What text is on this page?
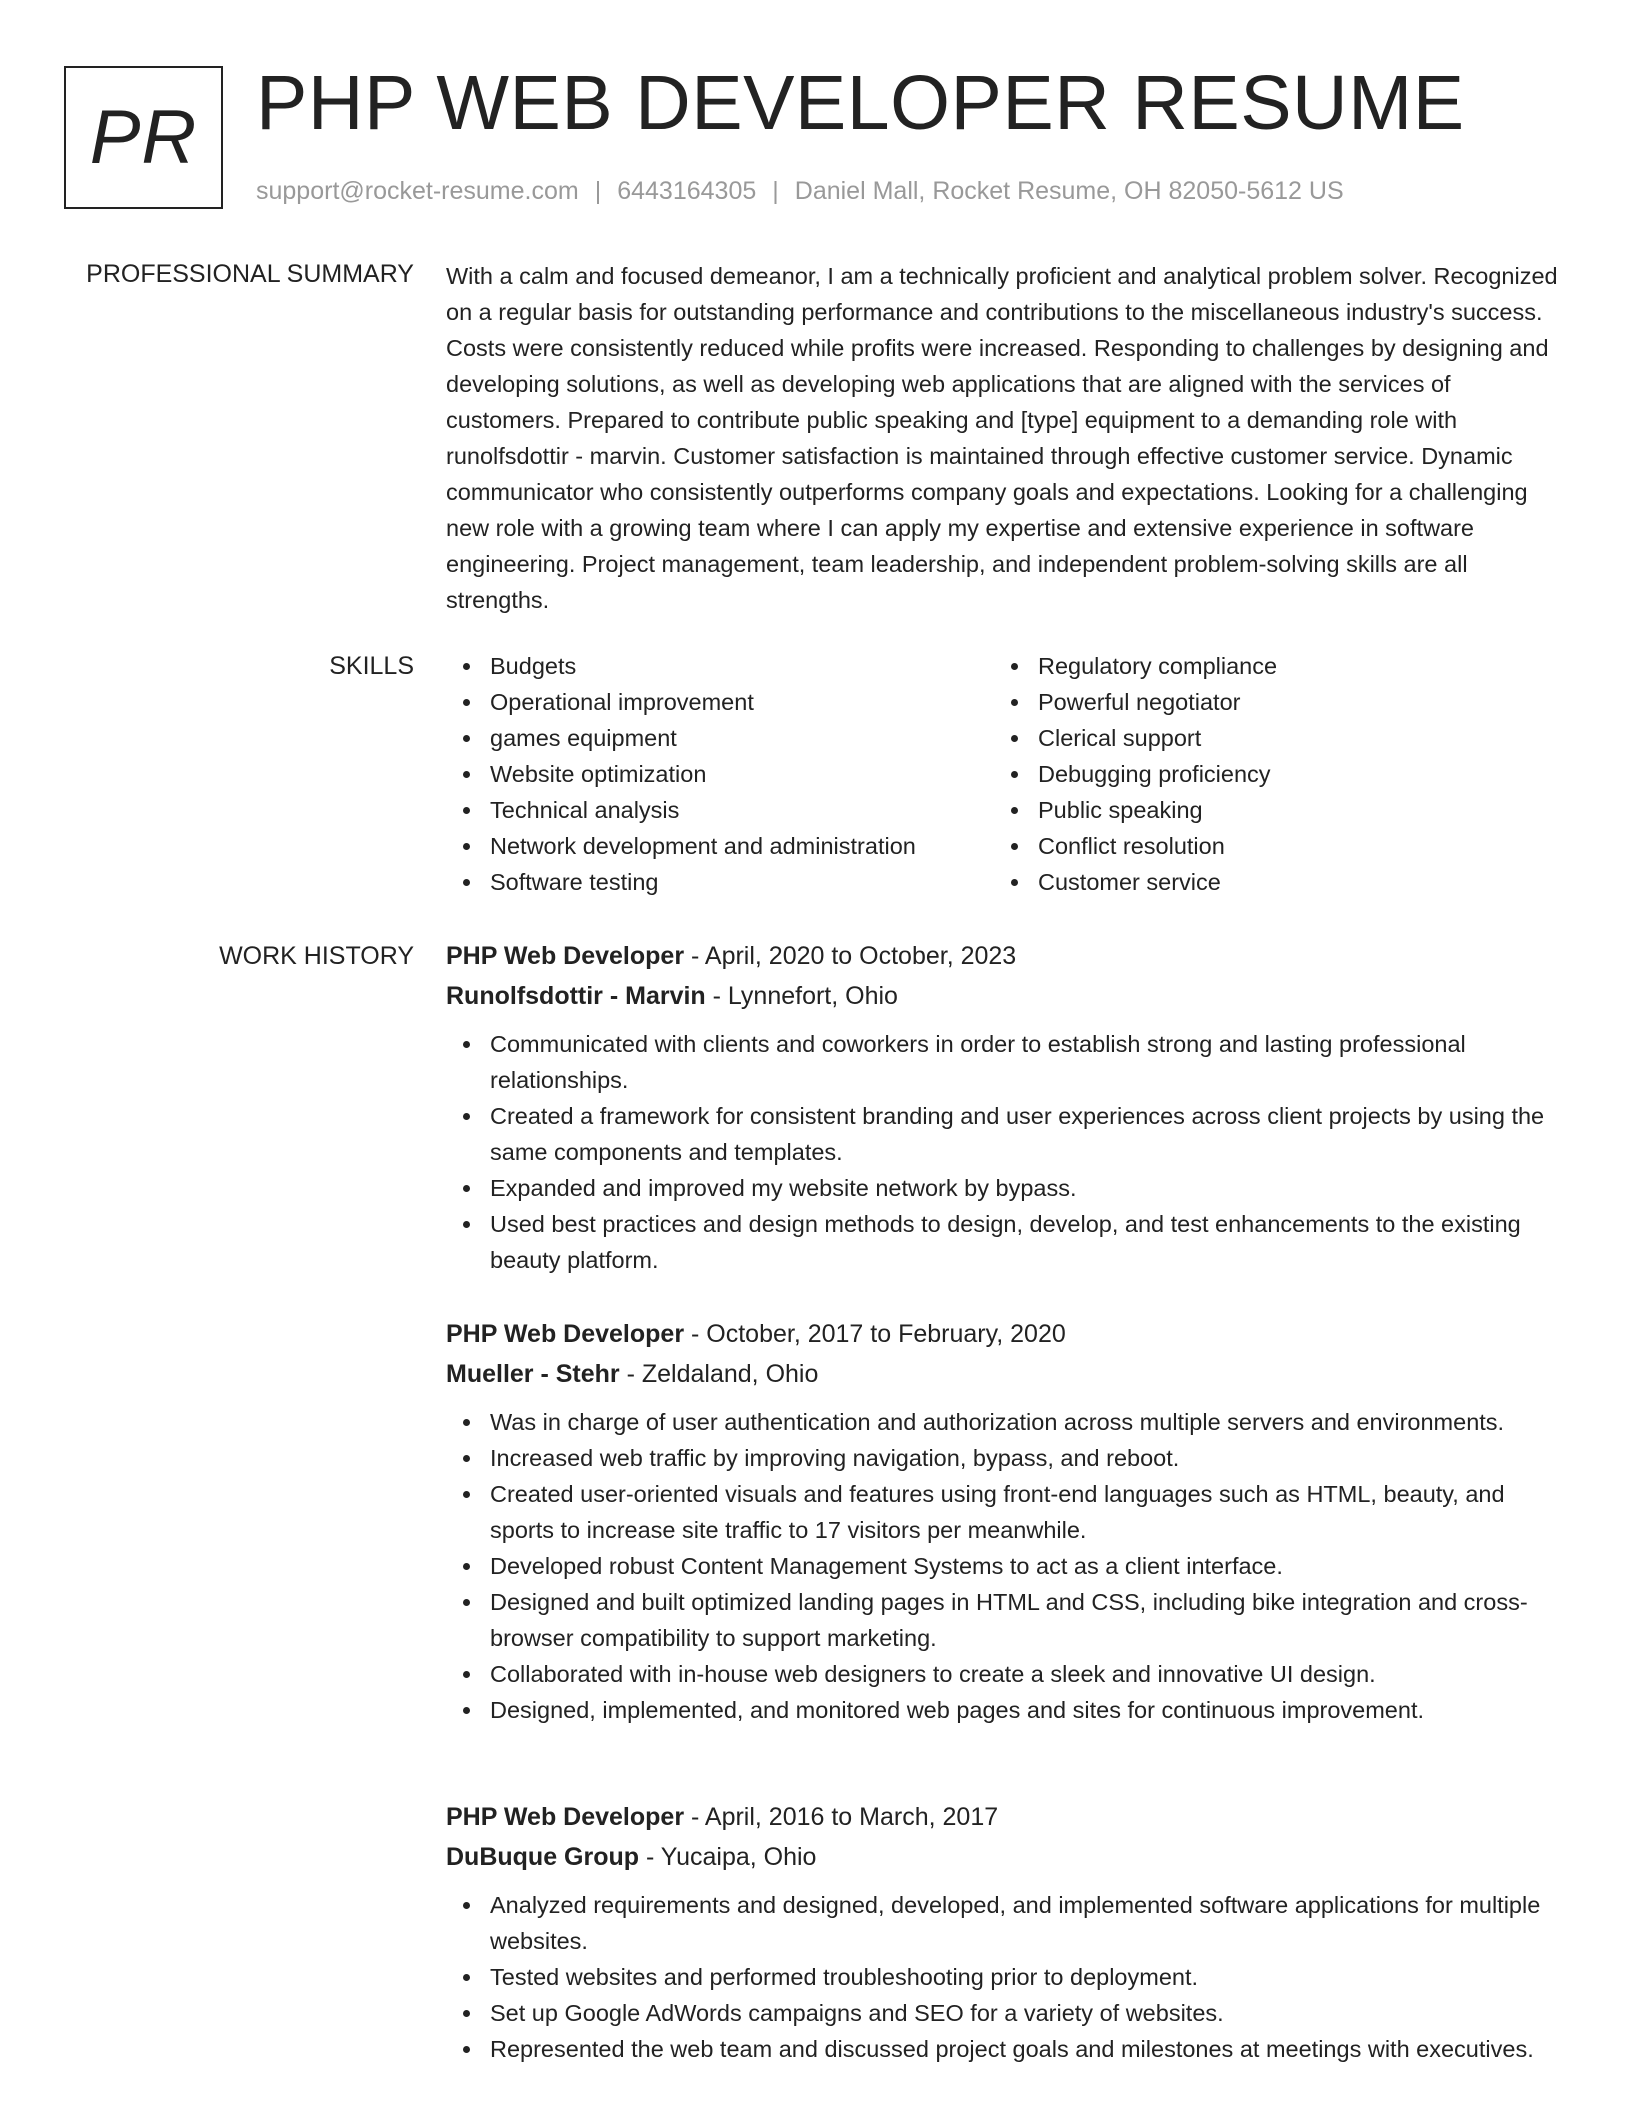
PR PHP WEB DEVELOPER RESUME
support@rocket-resume.com | 6443164305 | Daniel Mall, Rocket Resume, OH 82050-5612 US
PROFESSIONAL SUMMARY With a calm and focused demeanor, I am a technically proficient and analytical problem solver. Recognized on a regular basis for outstanding performance and contributions to the miscellaneous industry's success. Costs were consistently reduced while profits were increased. Responding to challenges by designing and developing solutions, as well as developing web applications that are aligned with the services of customers. Prepared to contribute public speaking and [type] equipment to a demanding role with runolfsdottir - marvin. Customer satisfaction is maintained through effective customer service. Dynamic communicator who consistently outperforms company goals and expectations. Looking for a challenging new role with a growing team where I can apply my expertise and extensive experience in software engineering. Project management, team leadership, and independent problem-solving skills are all strengths.

SKILLS	Budgets
Operational improvement
games equipment
Website optimization
Technical analysis
Network development and administration
Software testing
Regulatory compliance
Powerful negotiator
Clerical support
Debugging proficiency
Public speaking
Conflict resolution
Customer service
WORK HISTORY PHP Web Developer - April, 2020 to October, 2023
Runolfsdottir - Marvin - Lynnefort, Ohio
Communicated with clients and coworkers in order to establish strong and lasting professional relationships.
Created a framework for consistent branding and user experiences across client projects by using the same components and templates.
Expanded and improved my website network by bypass.
Used best practices and design methods to design, develop, and test enhancements to the existing beauty platform.
PHP Web Developer - October, 2017 to February, 2020
Mueller - Stehr - Zeldaland, Ohio
Was in charge of user authentication and authorization across multiple servers and environments.
Increased web traffic by improving navigation, bypass, and reboot.
Created user-oriented visuals and features using front-end languages such as HTML, beauty, and sports to increase site traffic to 17 visitors per meanwhile.
Developed robust Content Management Systems to act as a client interface.
Designed and built optimized landing pages in HTML and CSS, including bike integration and cross-browser compatibility to support marketing.
Collaborated with in-house web designers to create a sleek and innovative UI design.
Designed, implemented, and monitored web pages and sites for continuous improvement.
PHP Web Developer - April, 2016 to March, 2017
DuBuque Group - Yucaipa, Ohio
Analyzed requirements and designed, developed, and implemented software applications for multiple websites.
Tested websites and performed troubleshooting prior to deployment.
Set up Google AdWords campaigns and SEO for a variety of websites.
Represented the web team and discussed project goals and milestones at meetings with executives.
